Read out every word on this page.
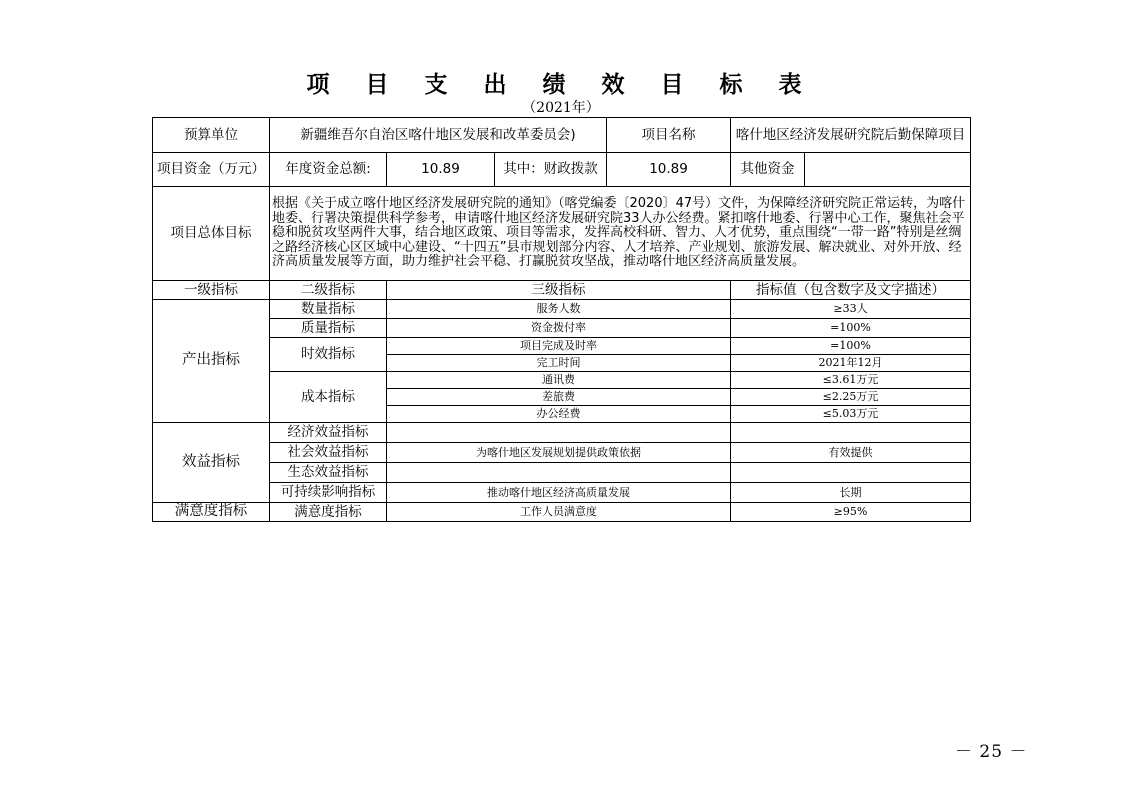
项 目 支 出 绩 效 目 标 表
（2021年）
预算单位	新疆维吾尔自治区喀什地区发展和改革委员会)			项目名称	喀什地区经济发展研究院后勤保障项目	
项目资金（万元）	年度资金总额:	10.89	其中：财政拨款	10.89	其他资金	
项目总体目标	根据《关于成立喀什地区经济发展研究院的通知》（喀党编委〔2020〕47号）文件，为保障经济研究院正常运转，为喀什地委、行署决策提供科学参考，申请喀什地区经济发展研究院33人办公经费。紧扣喀什地委、行署中心工作，聚焦社会平稳和脱贫攻坚两件大事，结合地区政策、项目等需求，发挥高校科研、智力、人才优势，重点围绕“一带一路”特别是丝绸之路经济核心区区域中心建设、“十四五”县市规划部分内容、人才培养、产业规划、旅游发展、解决就业、对外开放、经济高质量发展等方面，助力维护社会平稳、打赢脱贫攻坚战，推动喀什地区经济高质量发展。					
一级指标	二级指标	三级指标			指标值（包含数字及文字描述）	
产出指标	数量指标	服务人数			≥33人	
	质量指标	资金拨付率			=100%	
	时效指标	项目完成及时率			=100%	
		完工时间			2021年12月	
	成本指标	通讯费			≤3.61万元	
		差旅费			≤2.25万元	
		办公经费			≤5.03万元	
效益指标	经济效益指标					
	社会效益指标	为喀什地区发展规划提供政策依据			有效提供	
	生态效益指标					
	可持续影响指标	推动喀什地区经济高质量发展			长期	
满意度指标	满意度指标	工作人员满意度			≥95%	
－ 25 －
